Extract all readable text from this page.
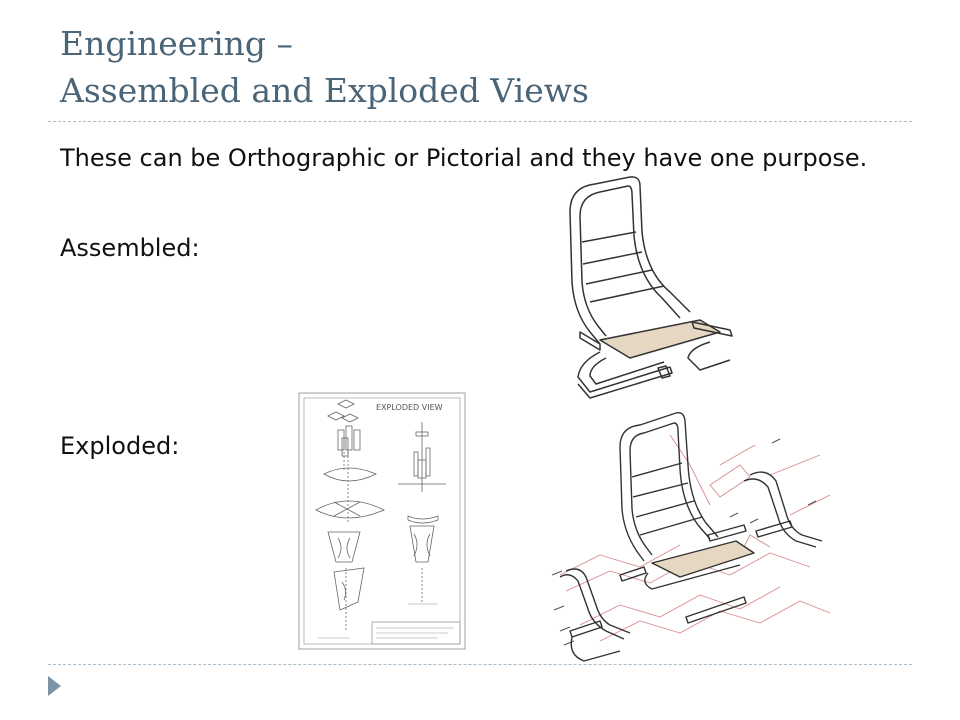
Engineering –
Assembled and Exploded Views

These can be Orthographic or Pictorial and they have one purpose.

Assembled:

Exploded:

EXPLODED VIEW
